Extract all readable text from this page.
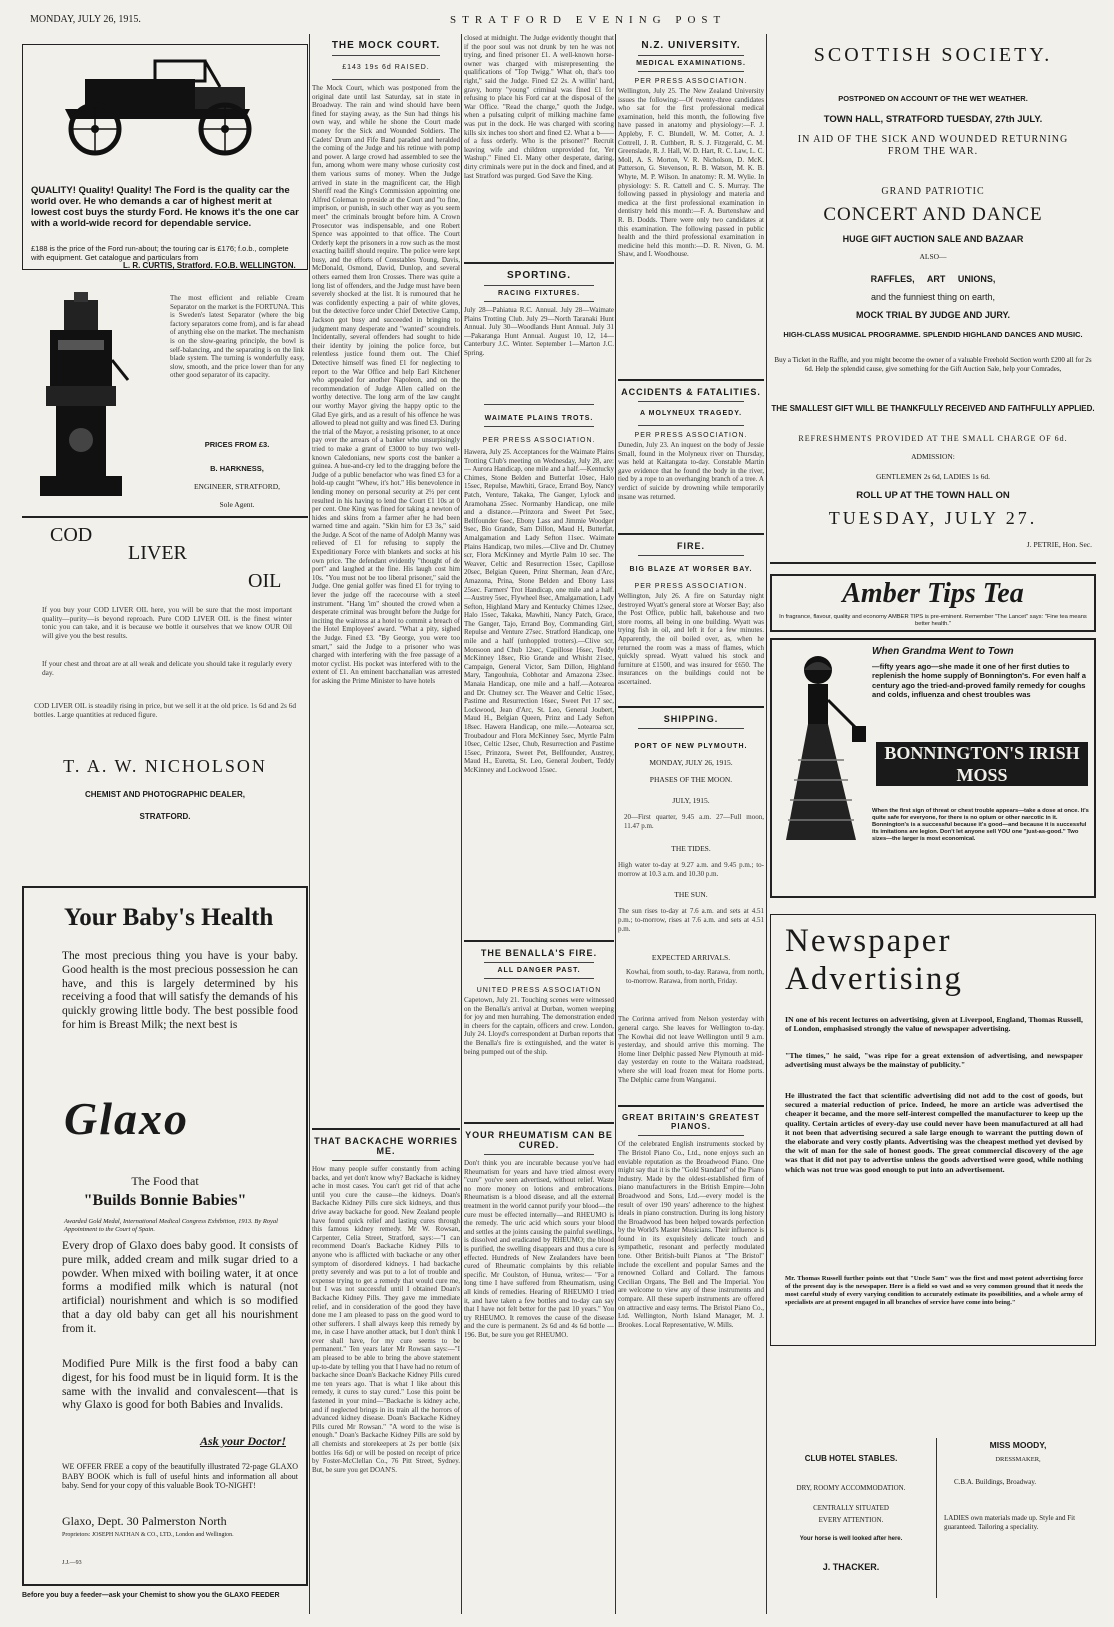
MONDAY, JULY 26, 1915.	STRATFORD EVENING POST
QUALITY! Quality! Quality! The Ford is the quality car the world over. He who demands a car of highest merit at lowest cost buys the sturdy Ford. He knows it's the one car with a world-wide record for dependable service.
£188 is the price of the Ford run-about; the touring car is £176; f.o.b., complete with equipment. Get catalogue and particulars from
L. R. CURTIS, Stratford. F.O.B. WELLINGTON.
The most efficient and reliable Cream Separator on the market is the FORTUNA. This is Sweden's latest Separator (where the big factory separators come from), and is far ahead of anything else on the market. The mechanism is on the slow-gearing principle, the bowl is self-balancing, and the separating is on the link blade system. The turning is wonderfully easy, slow, smooth, and the price lower than for any other good separator of its capacity.
PRICES FROM £3.
B. HARKNESS,
ENGINEER, STRATFORD,
Sole Agent.
COD
LIVER
OIL
If you buy your COD LIVER OIL here, you will be sure that the most important quality—purity—is beyond reproach. Pure COD LIVER OIL is the finest winter tonic you can take, and it is because we bottle it ourselves that we know OUR Oil will give you the best results.
If your chest and throat are at all weak and delicate you should take it regularly every day.
COD LIVER OIL is steadily rising in price, but we sell it at the old price. 1s 6d and 2s 6d bottles. Large quantities at reduced figure.
T. A. W. NICHOLSON
CHEMIST AND PHOTOGRAPHIC DEALER,
STRATFORD.
Your Baby's Health
The most precious thing you have is your baby. Good health is the most precious possession he can have, and this is largely determined by his receiving a food that will satisfy the demands of his quickly growing little body. The best possible food for him is Breast Milk; the next best is
Glaxo
The Food that
"Builds Bonnie Babies"
Awarded Gold Medal, International Medical Congress Exhibition, 1913. By Royal Appointment to the Court of Spain.
Every drop of Glaxo does baby good. It consists of pure milk, added cream and milk sugar dried to a powder. When mixed with boiling water, it at once forms a modified milk which is natural (not artificial) nourishment and which is so modified that a day old baby can get all his nourishment from it.
Modified Pure Milk is the first food a baby can digest, for his food must be in liquid form. It is the same with the invalid and convalescent—that is why Glaxo is good for both Babies and Invalids.
Ask your Doctor!
WE OFFER FREE a copy of the beautifully illustrated 72-page GLAXO BABY BOOK which is full of useful hints and information all about baby. Send for your copy of this valuable Book TO-NIGHT!
Glaxo, Dept. 30 Palmerston North
Proprietors: JOSEPH NATHAN & CO., LTD., London and Wellington.
J.J.—93
Before you buy a feeder—ask your Chemist to show you the GLAXO FEEDER
THE MOCK COURT.
£143 19s 6d RAISED.
The Mock Court, which was postponed from the original date until last Saturday, sat in state in Broadway. The rain and wind should have been fined for staying away, as the Sun had things his own way, and while he shone the Court made money for the Sick and Wounded Soldiers. The Cadets' Drum and Fife Band paraded and heralded the coming of the Judge and his retinue with pomp and power. A large crowd had assembled to see the fun, among whom were many whose curiosity cost them various sums of money. When the Judge arrived in state in the magnificent car, the High Sheriff read the King's Commission appointing one Alfred Coleman to preside at the Court and "to fine, imprison, or punish, in such other way as you seem meet" the criminals brought before him. A Crown Prosecutor was indispensable, and one Robert Spence was appointed to that office. The Court Orderly kept the prisoners in a row such as the most exacting bailiff should require. The police were kept busy, and the efforts of Constables Young, Davis, McDonald, Osmond, David, Dunlop, and several others earned them Iron Crosses. There was quite a long list of offenders, and the Judge must have been severely shocked at the list. It is rumoured that he was confidently expecting a pair of white gloves, but the detective force under Chief Detective Camp, Jackson got busy and succeeded in bringing to judgment many desperate and "wanted" scoundrels. Incidentally, several offenders had sought to hide their identity by joining the police force, but relentless justice found them out. The Chief Detective himself was fined £1 for neglecting to report to the War Office and help Earl Kitchener who appealed for another Napoleon, and on the recommendation of Judge Allen called on the worthy detective. The long arm of the law caught our worthy Mayor giving the happy optic to the Glad Eye girls, and as a result of his offence he was allowed to plead not guilty and was fined £3. During the trial of the Mayor, a resisting prisoner, to at once pay over the arrears of a banker who unsurpisingly tried to make a grant of £3000 to buy two well-known Caledonians, new sports cost the banker a guinea. A hue-and-cry led to the dragging before the Judge of a public benefactor who was fined £3 for a hold-up caught "Whew, it's hot." His benevolence in lending money on personal security at 2½ per cent resulted in his having to lend the Court £1 10s at 0 per cent. One King was fined for taking a newton of hides and skins from a farmer after he had been warned time and again. "Skin him for £3 3s," said the Judge. A Scot of the name of Adolph Manny was relieved of £1 for refusing to supply the Expeditionary Force with blankets and socks at his own price. The defendant evidently "thought of de port" and laughed at the fine. His laugh cost him 10s. "You must not be too liberal prisoner," said the Judge. One genial golfer was fined £1 for trying to lever the judge off the racecourse with a steel instrument. "Hang 'im" shouted the crowd when a desperate criminal was brought before the Judge for inciting the waitress at a hotel to commit a breach of the Hotel Employees' award. "What a pity, sighed the Judge. Fined £3. "By George, you were too smart," said the Judge to a prisoner who was charged with interfering with the free passage of a motor cyclist. His pocket was interfered with to the extent of £1. An eminent bacchanalian was arrested for asking the Prime Minister to have hotels
THAT BACKACHE WORRIES ME.
How many people suffer constantly from aching backs, and yet don't know why? Backache is kidney ache in most cases. You can't get rid of that ache until you cure the cause—the kidneys. Doan's Backache Kidney Pills cure sick kidneys, and thus drive away backache for good. New Zealand people have found quick relief and lasting cures through this famous kidney remedy. Mr W. Rowsan, Carpenter, Celia Street, Stratford, says:—"I can recommend Doan's Backache Kidney Pills to anyone who is afflicted with backache or any other symptom of disordered kidneys. I had backache pretty severely and was put to a lot of trouble and expense trying to get a remedy that would cure me, but I was not successful until I obtained Doan's Backache Kidney Pills. They gave me immediate relief, and in consideration of the good they have done me I am pleased to pass on the good word to other sufferers. I shall always keep this remedy by me, in case I have another attack, but I don't think I ever shall have, for my cure seems to be permanent." Ten years later Mr Rowsan says:—"I am pleased to be able to bring the above statement up-to-date by telling you that I have had no return of backache since Doan's Backache Kidney Pills cured me ten years ago. That is what I like about this remedy, it cures to stay cured." Lose this point be fastened in your mind—"Backache is kidney ache, and if neglected brings in its train all the horrors of advanced kidney disease. Doan's Backache Kidney Pills cured Mr Rowsan." "A word to the wise is enough." Doan's Backache Kidney Pills are sold by all chemists and storekeepers at 2s per bottle (six bottles 16s 6d) or will be posted on receipt of price by Foster-McClellan Co., 76 Pitt Street, Sydney. But, be sure you get DOAN'S.
closed at midnight. The Judge evidently thought that if the poor soul was not drunk by ten he was not trying, and fined prisoner £1. A well-known horse-owner was charged with misrepresenting the qualifications of "Top Twigg." What oh, that's too right," said the Judge. Fined £2 2s. A willin' hard, gravy, horny "young" criminal was fined £1 for refusing to place his Ford car at the disposal of the War Office. "Read the charge," quoth the Judge, when a pulsating culprit of milking machine fame was put in the dock. He was charged with scoring kills six inches too short and fined £2. What a b—— of a fuss orderly. Who is the prisoner?" Recruit leaving wife and children unprovided for, Yer Washup." Fined £1. Many other desperate, daring, dirty criminals were put in the dock and fined, and at last Stratford was purged. God Save the King.
SPORTING.
RACING FIXTURES.
July 28—Pahiatua R.C. Annual. July 28—Waimate Plains Trotting Club. July 29—North Taranaki Hunt Annual. July 30—Woodlands Hunt Annual. July 31—Pakaranga Hunt Annual. August 10, 12, 14—Canterbury J.C. Winter. September 1—Marton J.C. Spring.
WAIMATE PLAINS TROTS.
PER PRESS ASSOCIATION.
Hawera, July 25. Acceptances for the Waimate Plains Trotting Club's meeting on Wednesday, July 28, are:— Aurora Handicap, one mile and a half.—Kentucky Chimes, Stone Belden and Butterfat 10sec, Halo 15sec, Repulse, Mawhiti, Grace, Errand Boy, Nancy Patch, Venture, Takaka, The Ganger, Lylock and Aramohana 25sec. Normanby Handicap, one mile and a distance.—Prinzora and Sweet Pet 5sec, Bellfounder 6sec, Ebony Lass and Jimmie Woodger 9sec, Bio Grande, Sam Dillon, Maud H, Butterfat, Amalgamation and Lady Sefton 11sec. Waimate Plains Handicap, two miles.—Clive and Dr. Chutney scr, Flora McKinney and Myrtle Palm 10 sec. The Weaver, Celtic and Resurrection 15sec, Capillose 20sec, Belgian Queen, Prinz Sherman, Jean d'Arc, Amazona, Prina, Stone Belden and Ebony Lass 25sec. Farmers' Trot Handicap, one mile and a half.—Austrey 5sec, Flywheel 8sec, Amalgamation, Lady Sefton, Highland Mary and Kentucky Chimes 12sec, Halo 15sec, Takaka, Mawhiti, Nancy Patch, Grace, The Ganger, Tajo, Errand Boy, Commanding Girl, Repulse and Venture 27sec. Stratford Handicap, one mile and a half (unhoppled trotters).—Clive scr, Monsoon and Chub 12sec, Capillose 16sec, Teddy McKinney 18sec, Rio Grande and Whisht 21sec, Campaign, General Victor, Sam Dillon, Highland Mary, Tangouhuia, Cobhotar and Amazona 23sec. Manaia Handicap, one mile and a half.—Aotearoa and Dr. Chutney scr. The Weaver and Celtic 15sec, Pastime and Resurrection 16sec, Sweet Pet 17 sec, Lockwood, Jean d'Arc, St. Leo, General Joubert, Maud H., Belgian Queen, Prinz and Lady Sefton 18sec. Hawera Handicap, one mile.—Aotearoa scr, Troubadour and Flora McKinney 5sec, Myrtle Palm 10sec, Celtic 12sec, Chub, Resurrection and Pastime 15sec, Prinzora, Sweet Pet, Bellfounder, Austrey, Maud H., Euretta, St. Leo, General Joubert, Teddy McKinney and Lockwood 15sec.
THE BENALLA'S FIRE.
ALL DANGER PAST.
UNITED PRESS ASSOCIATION
Capetown, July 21. Touching scenes were witnessed on the Benalla's arrival at Durban, women weeping for joy and men hurrahing. The demonstration ended in cheers for the captain, officers and crew. London, July 24. Lloyd's correspondent at Durban reports that the Benalla's fire is extinguished, and the water is being pumped out of the ship.
YOUR RHEUMATISM CAN BE CURED.
Don't think you are incurable because you've had Rheumatism for years and have tried almost every "cure" you've seen advertised, without relief. Waste no more money on lotions and embrocations. Rheumatism is a blood disease, and all the external treatment in the world cannot purify your blood—the cure must be effected internally—and RHEUMO is the remedy. The uric acid which sours your blood and settles at the joints causing the painful swellings, is dissolved and eradicated by RHEUMO; the blood is purified, the swelling disappears and thus a cure is effected. Hundreds of New Zealanders have been cured of Rheumatic complaints by this reliable specific. Mr Coulston, of Hunua, writes:— "For a long time I have suffered from Rheumatism, using all kinds of remedies. Hearing of RHEUMO I tried it, and have taken a few bottles and to-day can say that I have not felt better for the past 10 years." You try RHEUMO. It removes the cause of the disease and the cure is permanent. 2s 6d and 4s 6d bottle — 196. But, be sure you get RHEUMO.
N.Z. UNIVERSITY.
MEDICAL EXAMINATIONS.
PER PRESS ASSOCIATION.
Wellington, July 25. The New Zealand University issues the following:—Of twenty-three candidates who sat for the first professional medical examination, held this month, the following five have passed in anatomy and physiology:—F. J. Appleby, F. C. Blundell, W. M. Cotter, A. J. Cottrell, J. R. Cuthbert, R. S. J. Fitzgerald, C. M. Greenslade, R. J. Hall, W. D. Hart, R. C. Law, L. C. Moll, A. S. Morton, V. R. Nicholson, D. McK. Patterson, G. Stevenson, R. B. Watson, M. K. B. Whyte, M. P. Wilson. In anatomy: R. M. Wylie. In physiology: S. R. Cattell and C. S. Murray. The following passed in physiology and materia and medica at the first professional examination in dentistry held this month:—F. A. Burtenshaw and R. B. Dodds. There were only two candidates at this examination. The following passed in public health and the third professional examination in medicine held this month:—D. R. Niven, G. M. Shaw, and I. Woodhouse.
ACCIDENTS & FATALITIES.
A MOLYNEUX TRAGEDY.
PER PRESS ASSOCIATION.
Dunedin, July 23. An inquest on the body of Jessie Small, found in the Molyneux river on Thursday, was held at Kaitangata to-day. Constable Martin gave evidence that he found the body in the river, tied by a rope to an overhanging branch of a tree. A verdict of suicide by drowning while temporarily insane was returned.
FIRE.
BIG BLAZE AT WORSER BAY.
PER PRESS ASSOCIATION.
Wellington, July 26. A fire on Saturday night destroyed Wyatt's general store at Worser Bay; also the Post Office, public hall, bakehouse and two store rooms, all being in one building. Wyatt was trying fish in oil, and left it for a few minutes. Apparently, the oil boiled over, as, when he returned the room was a mass of flames, which quickly spread. Wyatt valued his stock and furniture at £1500, and was insured for £650. The insurances on the buildings could not be ascertained.
SHIPPING.
PORT OF NEW PLYMOUTH.
MONDAY, JULY 26, 1915.
PHASES OF THE MOON.
JULY, 1915.
20—First quarter, 9.45 a.m. 27—Full moon, 11.47 p.m.
THE TIDES.
High water to-day at 9.27 a.m. and 9.45 p.m.; to-morrow at 10.3 a.m. and 10.30 p.m.
THE SUN.
The sun rises to-day at 7.6 a.m. and sets at 4.51 p.m.; to-morrow, rises at 7.6 a.m. and sets at 4.51 p.m.
EXPECTED ARRIVALS.
Kowhai, from south, to-day. Rarawa, from north, to-morrow. Rarawa, from north, Friday.
The Corinna arrived from Nelson yesterday with general cargo. She leaves for Wellington to-day. The Kowhai did not leave Wellington until 9 a.m. yesterday, and should arrive this morning. The Home liner Delphic passed New Plymouth at mid-day yesterday en route to the Waitara roadstead, where she will load frozen meat for Home ports. The Delphic came from Wanganui.
GREAT BRITAIN'S GREATEST PIANOS.
Of the celebrated English instruments stocked by The Bristol Piano Co., Ltd., none enjoys such an enviable reputation as the Broadwood Piano. One might say that it is the "Gold Standard" of the Piano Industry. Made by the oldest-established firm of piano manufacturers in the British Empire—John Broadwood and Sons, Ltd.—every model is the result of over 190 years' adherence to the highest ideals in piano construction. During its long history the Broadwood has been helped towards perfection by the World's Master Musicians. Their influence is found in its exquisitely delicate touch and sympathetic, resonant and perfectly modulated tone. Other British-built Pianos at "The Bristol" include the excellent and popular Sames and the renowned Collard and Collard. The famous Cecilian Organs, The Bell and The Imperial. You are welcome to view any of these instruments and compare. All these superb instruments are offered on attractive and easy terms. The Bristol Piano Co., Ltd. Wellington, North Island Manager, M. J. Brookes. Local Representative, W. Mills.
SCOTTISH SOCIETY.
POSTPONED ON ACCOUNT OF THE WET WEATHER.
TOWN HALL, STRATFORD TUESDAY, 27th JULY.
IN AID OF THE SICK AND WOUNDED RETURNING FROM THE WAR.
GRAND PATRIOTIC
CONCERT AND DANCE
HUGE GIFT AUCTION SALE AND BAZAAR
ALSO—
RAFFLES, ART UNIONS,
and the funniest thing on earth,
MOCK TRIAL BY JUDGE AND JURY.
HIGH-CLASS MUSICAL PROGRAMME. SPLENDID HIGHLAND DANCES AND MUSIC.
Buy a Ticket in the Raffle, and you might become the owner of a valuable Freehold Section worth £200 all for 2s 6d. Help the splendid cause, give something for the Gift Auction Sale, help your Comrades,
THE SMALLEST GIFT WILL BE THANKFULLY RECEIVED AND FAITHFULLY APPLIED.
REFRESHMENTS PROVIDED AT THE SMALL CHARGE OF 6d.
ADMISSION:
GENTLEMEN 2s 6d, LADIES 1s 6d.
ROLL UP AT THE TOWN HALL ON
TUESDAY, JULY 27.
J. PETRIE, Hon. Sec.
Amber Tips Tea
In fragrance, flavour, quality and economy AMBER TIPS is pre-eminent. Remember "The Lancet" says: "Fine tea means better health."
When Grandma Went to Town
—fifty years ago—she made it one of her first duties to replenish the home supply of Bonnington's. For even half a century ago the tried-and-proved family remedy for coughs and colds, influenza and chest troubles was
BONNINGTON'S IRISH MOSS
When the first sign of threat or chest trouble appears—take a dose at once. It's quite safe for everyone, for there is no opium or other narcotic in it. Bonnington's is a successful because it's good—and because it is successful its imitations are legion. Don't let anyone sell YOU one "just-as-good." Two sizes—the larger is most economical.
Newspaper
Advertising
IN one of his recent lectures on advertising, given at Liverpool, England, Thomas Russell, of London, emphasised strongly the value of newspaper advertising.
"The times," he said, "was ripe for a great extension of advertising, and newspaper advertising must always be the mainstay of publicity."
He illustrated the fact that scientific advertising did not add to the cost of goods, but secured a material reduction of price. Indeed, he more an article was advertised the cheaper it became, and the more self-interest compelled the manufacturer to keep up the quality. Certain articles of every-day use could never have been manufactured at all had it not been that advertising secured a sale large enough to warrant the putting down of the elaborate and very costly plants. Advertising was the cheapest method yet devised by the wit of man for the sale of honest goods. The great commercial discovery of the age was that it did not pay to advertise unless the goods advertised were good, while nothing which was not true was good enough to put into an advertisement.
Mr. Thomas Russell further points out that "Uncle Sam" was the first and most potent advertising force of the present day is the newspaper. Here is a field so vast and so very common ground that it needs the most careful study of every varying condition to accurately estimate its possibilities, and a whole army of specialists are at present engaged in all branches of service have come into being."
CLUB HOTEL STABLES.
DRY, ROOMY ACCOMMODATION.
CENTRALLY SITUATED
EVERY ATTENTION.
Your horse is well looked after here.
J. THACKER.
MISS MOODY,
DRESSMAKER,
C.B.A. Buildings, Broadway.
LADIES own materials made up. Style and Fit guaranteed. Tailoring a speciality.
